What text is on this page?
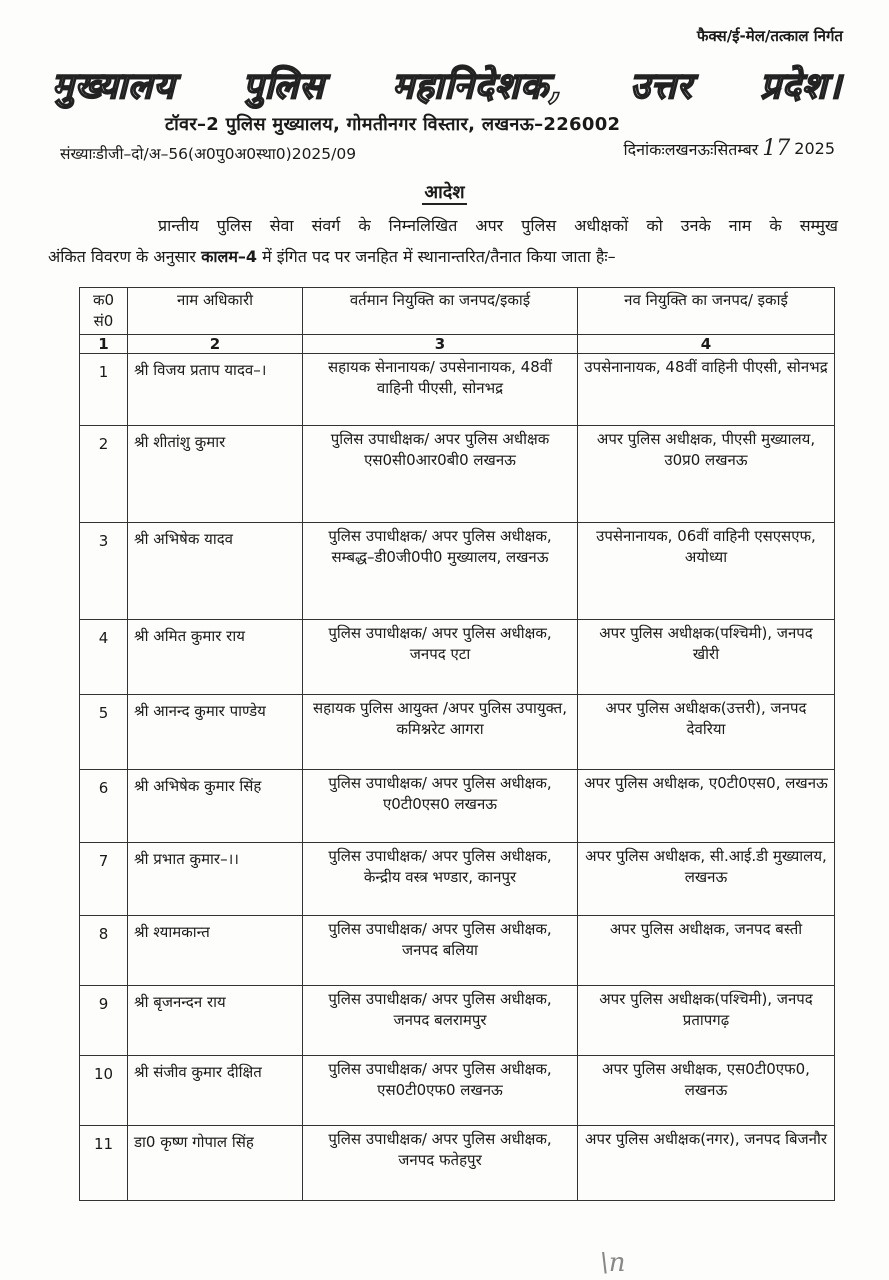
फैक्स/ई-मेल/तत्काल निर्गत
मुख्यालय पुलिस महानिदेशक, उत्तर प्रदेश।
टॉवर–2 पुलिस मुख्यालय, गोमतीनगर विस्तार, लखनऊ–226002
संख्याःडीजी–दो/अ–56(अ0पु0अ0स्था0)2025/09	दिनांकःलखनऊःसितम्बर 17 2025
आदेश
प्रान्तीय पुलिस सेवा संवर्ग के निम्नलिखित अपर पुलिस अधीक्षकों को उनके नाम के सम्मुख
अंकित विवरण के अनुसार कालम–4 में इंगित पद पर जनहित में स्थानान्तरित/तैनात किया जाता हैः–
क0 सं0	नाम अधिकारी	वर्तमान नियुक्ति का जनपद/इकाई	नव नियुक्ति का जनपद/ इकाई
1	2	3	4
1	श्री विजय प्रताप यादव–।	सहायक सेनानायक/ उपसेनानायक, 48वीं वाहिनी पीएसी, सोनभद्र	उपसेनानायक, 48वीं वाहिनी पीएसी, सोनभद्र
2	श्री शीतांशु कुमार	पुलिस उपाधीक्षक/ अपर पुलिस अधीक्षक एस0सी0आर0बी0 लखनऊ	अपर पुलिस अधीक्षक, पीएसी मुख्यालय, उ0प्र0 लखनऊ
3	श्री अभिषेक यादव	पुलिस उपाधीक्षक/ अपर पुलिस अधीक्षक, सम्बद्ध–डी0जी0पी0 मुख्यालय, लखनऊ	उपसेनानायक, 06वीं वाहिनी एसएसएफ, अयोध्या
4	श्री अमित कुमार राय	पुलिस उपाधीक्षक/ अपर पुलिस अधीक्षक, जनपद एटा	अपर पुलिस अधीक्षक(पश्चिमी), जनपद खीरी
5	श्री आनन्द कुमार पाण्डेय	सहायक पुलिस आयुक्त /अपर पुलिस उपायुक्त, कमिश्नरेट आगरा	अपर पुलिस अधीक्षक(उत्तरी), जनपद देवरिया
6	श्री अभिषेक कुमार सिंह	पुलिस उपाधीक्षक/ अपर पुलिस अधीक्षक, ए0टी0एस0 लखनऊ	अपर पुलिस अधीक्षक, ए0टी0एस0, लखनऊ
7	श्री प्रभात कुमार–।।	पुलिस उपाधीक्षक/ अपर पुलिस अधीक्षक, केन्द्रीय वस्त्र भण्डार, कानपुर	अपर पुलिस अधीक्षक, सी.आई.डी मुख्यालय, लखनऊ
8	श्री श्यामकान्त	पुलिस उपाधीक्षक/ अपर पुलिस अधीक्षक, जनपद बलिया	अपर पुलिस अधीक्षक, जनपद बस्ती
9	श्री बृजनन्दन राय	पुलिस उपाधीक्षक/ अपर पुलिस अधीक्षक, जनपद बलरामपुर	अपर पुलिस अधीक्षक(पश्चिमी), जनपद प्रतापगढ़
10	श्री संजीव कुमार दीक्षित	पुलिस उपाधीक्षक/ अपर पुलिस अधीक्षक, एस0टी0एफ0 लखनऊ	अपर पुलिस अधीक्षक, एस0टी0एफ0, लखनऊ
11	डा0 कृष्ण गोपाल सिंह	पुलिस उपाधीक्षक/ अपर पुलिस अधीक्षक, जनपद फतेहपुर	अपर पुलिस अधीक्षक(नगर), जनपद बिजनौर
\n
